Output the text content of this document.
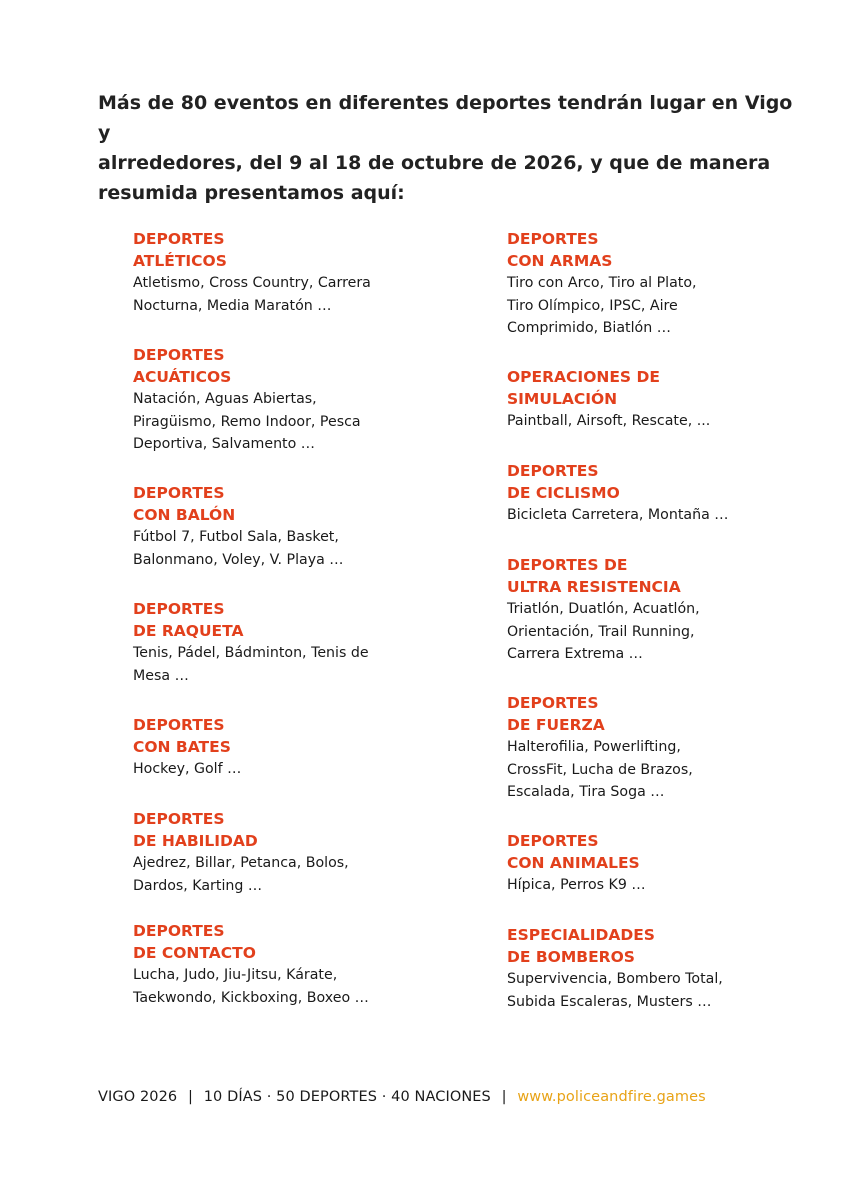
Más de 80 eventos en diferentes deportes tendrán lugar en Vigo y
alrrededores, del 9 al 18 de octubre de 2026, y que de manera
resumida presentamos aquí:
DEPORTES
ATLÉTICOS
Atletismo, Cross Country, Carrera
Nocturna, Media Maratón …
DEPORTES
ACUÁTICOS
Natación, Aguas Abiertas,
Piragüismo, Remo Indoor, Pesca
Deportiva, Salvamento …
DEPORTES
CON BALÓN
Fútbol 7, Futbol Sala, Basket,
Balonmano, Voley, V. Playa …
DEPORTES
DE RAQUETA
Tenis, Pádel, Bádminton, Tenis de
Mesa …
DEPORTES
CON BATES
Hockey, Golf …
DEPORTES
DE HABILIDAD
Ajedrez, Billar, Petanca, Bolos,
Dardos, Karting …
DEPORTES
DE CONTACTO
Lucha, Judo, Jiu-Jitsu, Kárate,
Taekwondo, Kickboxing, Boxeo …
DEPORTES
CON ARMAS
Tiro con Arco, Tiro al Plato,
Tiro Olímpico, IPSC, Aire
Comprimido, Biatlón …
OPERACIONES DE
SIMULACIÓN
Paintball, Airsoft, Rescate, ...
DEPORTES
DE CICLISMO
Bicicleta Carretera, Montaña …
DEPORTES DE
ULTRA RESISTENCIA
Triatlón, Duatlón, Acuatlón,
Orientación, Trail Running,
Carrera Extrema …
DEPORTES
DE FUERZA
Halterofilia, Powerlifting,
CrossFit, Lucha de Brazos,
Escalada, Tira Soga …
DEPORTES
CON ANIMALES
Hípica, Perros K9 …
ESPECIALIDADES
DE BOMBEROS
Supervivencia, Bombero Total,
Subida Escaleras, Musters …
VIGO 2026 | 10 DÍAS · 50 DEPORTES · 40 NACIONES | www.policeandfire.games
